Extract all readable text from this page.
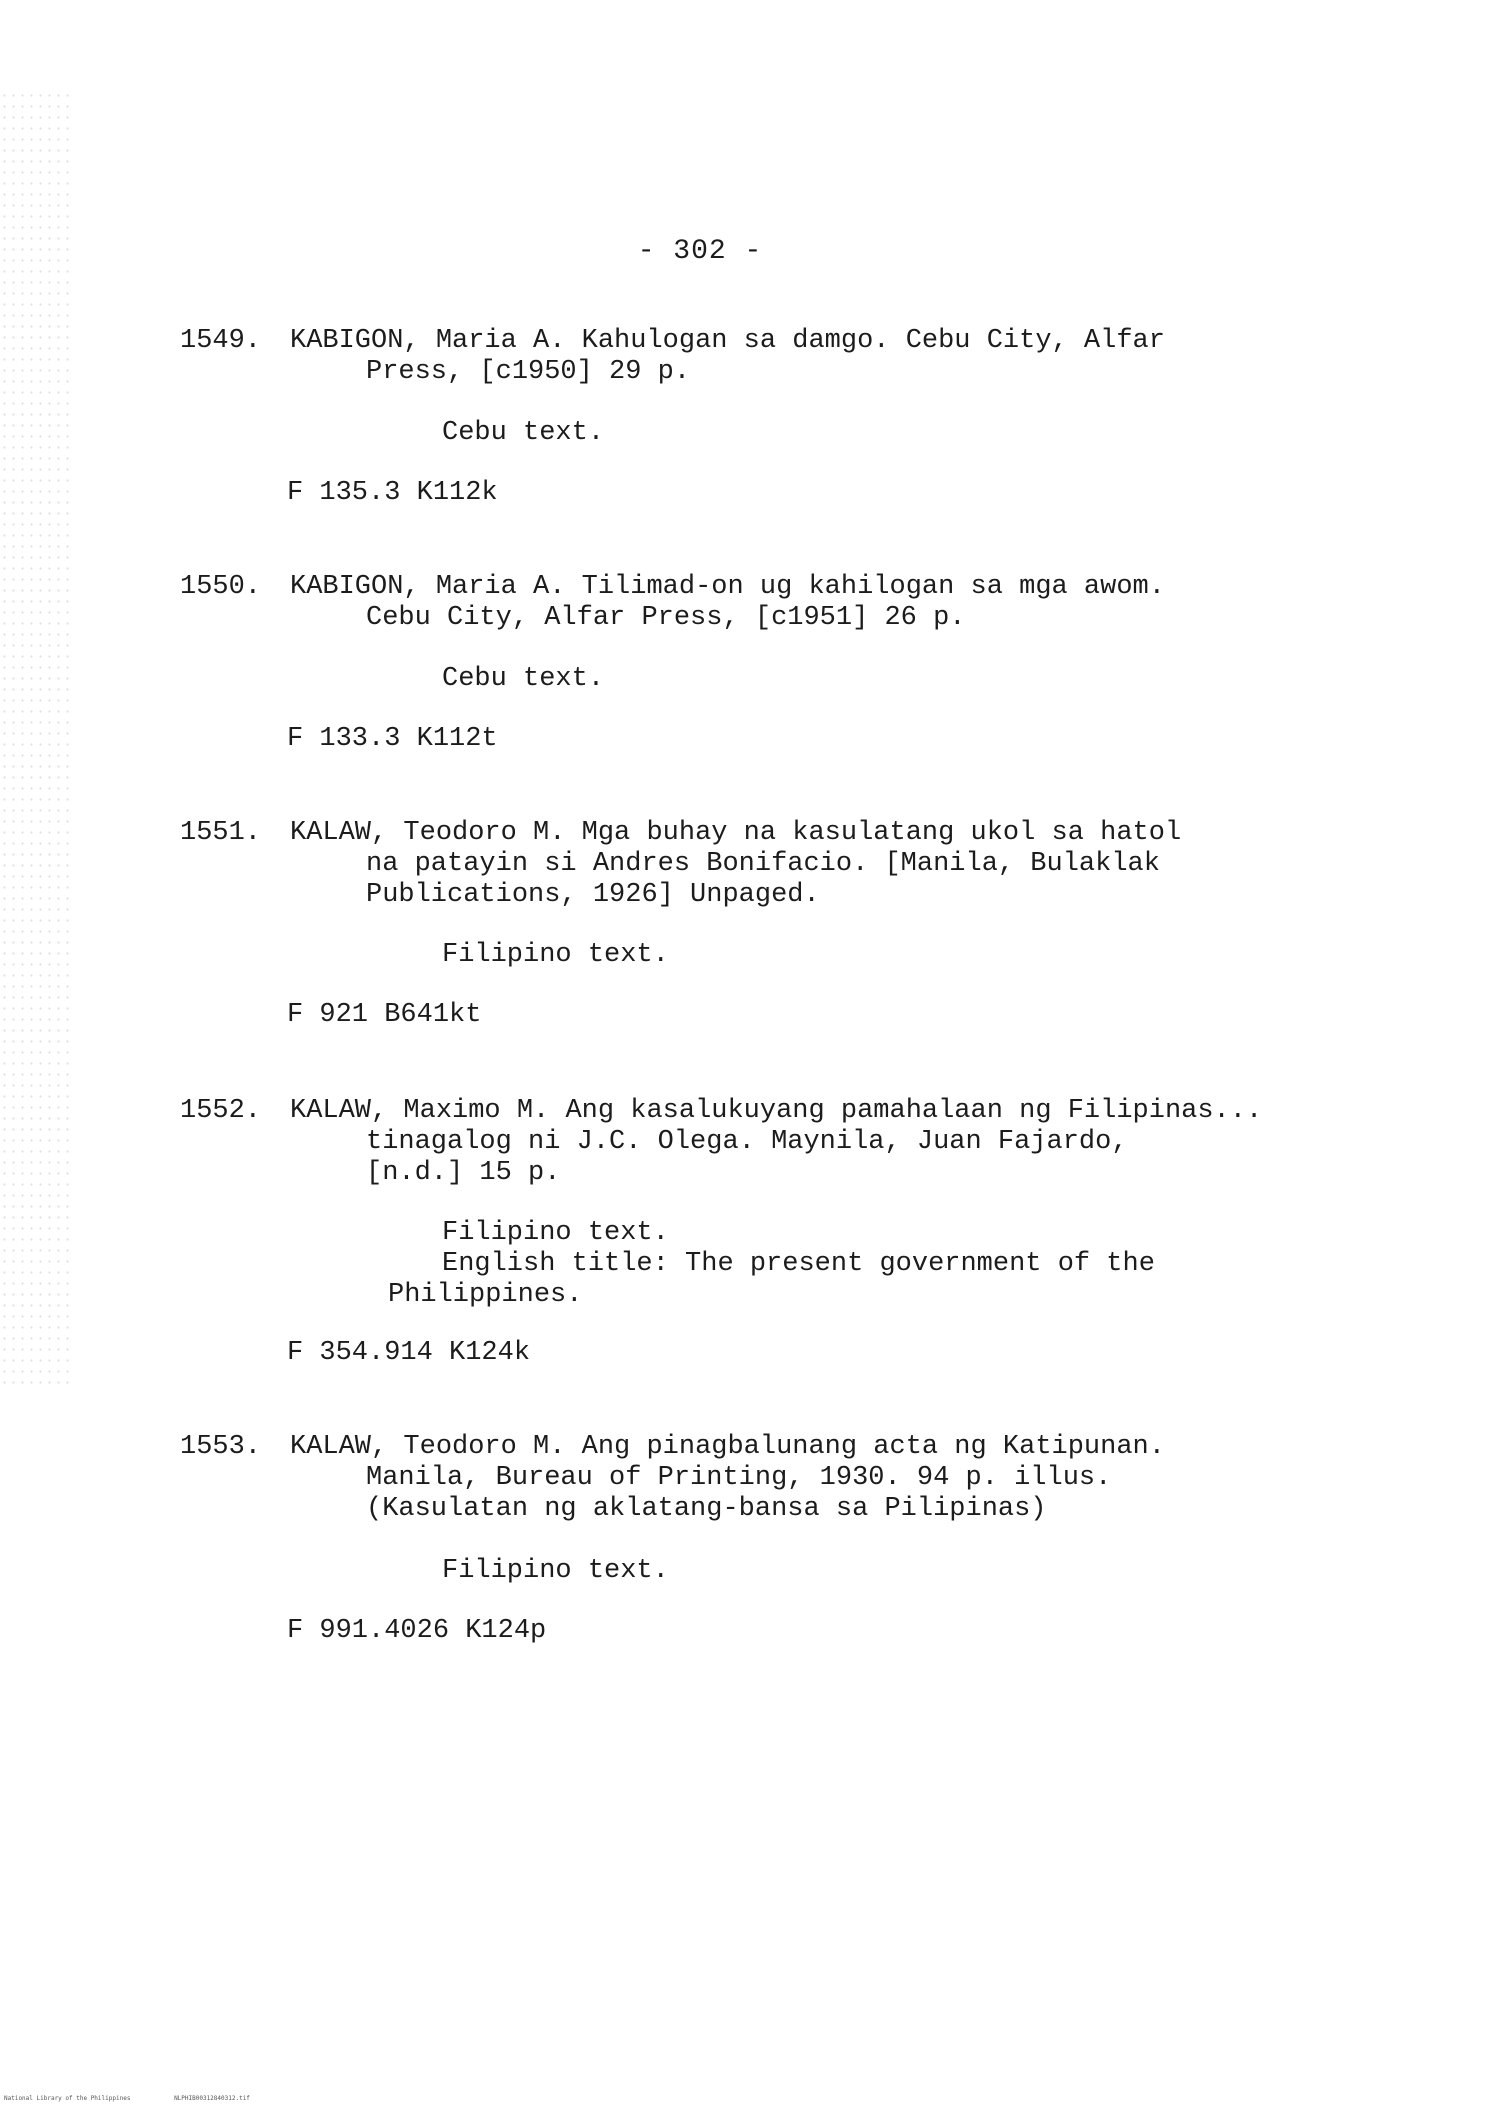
- 302 -
1549. KABIGON, Maria A. Kahulogan sa damgo. Cebu City, Alfar
Press, [c1950] 29 p.
Cebu text.
F 135.3 K112k
1550. KABIGON, Maria A. Tilimad-on ug kahilogan sa mga awom.
Cebu City, Alfar Press, [c1951] 26 p.
Cebu text.
F 133.3 K112t
1551. KALAW, Teodoro M. Mga buhay na kasulatang ukol sa hatol
na patayin si Andres Bonifacio. [Manila, Bulaklak
Publications, 1926] Unpaged.
Filipino text.
F 921 B641kt
1552. KALAW, Maximo M. Ang kasalukuyang pamahalaan ng Filipinas...
tinagalog ni J.C. Olega. Maynila, Juan Fajardo,
[n.d.] 15 p.
Filipino text.
English title: The present government of the
Philippines.
F 354.914 K124k
1553. KALAW, Teodoro M. Ang pinagbalunang acta ng Katipunan.
Manila, Bureau of Printing, 1930. 94 p. illus.
(Kasulatan ng aklatang-bansa sa Pilipinas)
Filipino text.
F 991.4026 K124p
National Library of the Philippines	NLPHIB00312840312.tif
